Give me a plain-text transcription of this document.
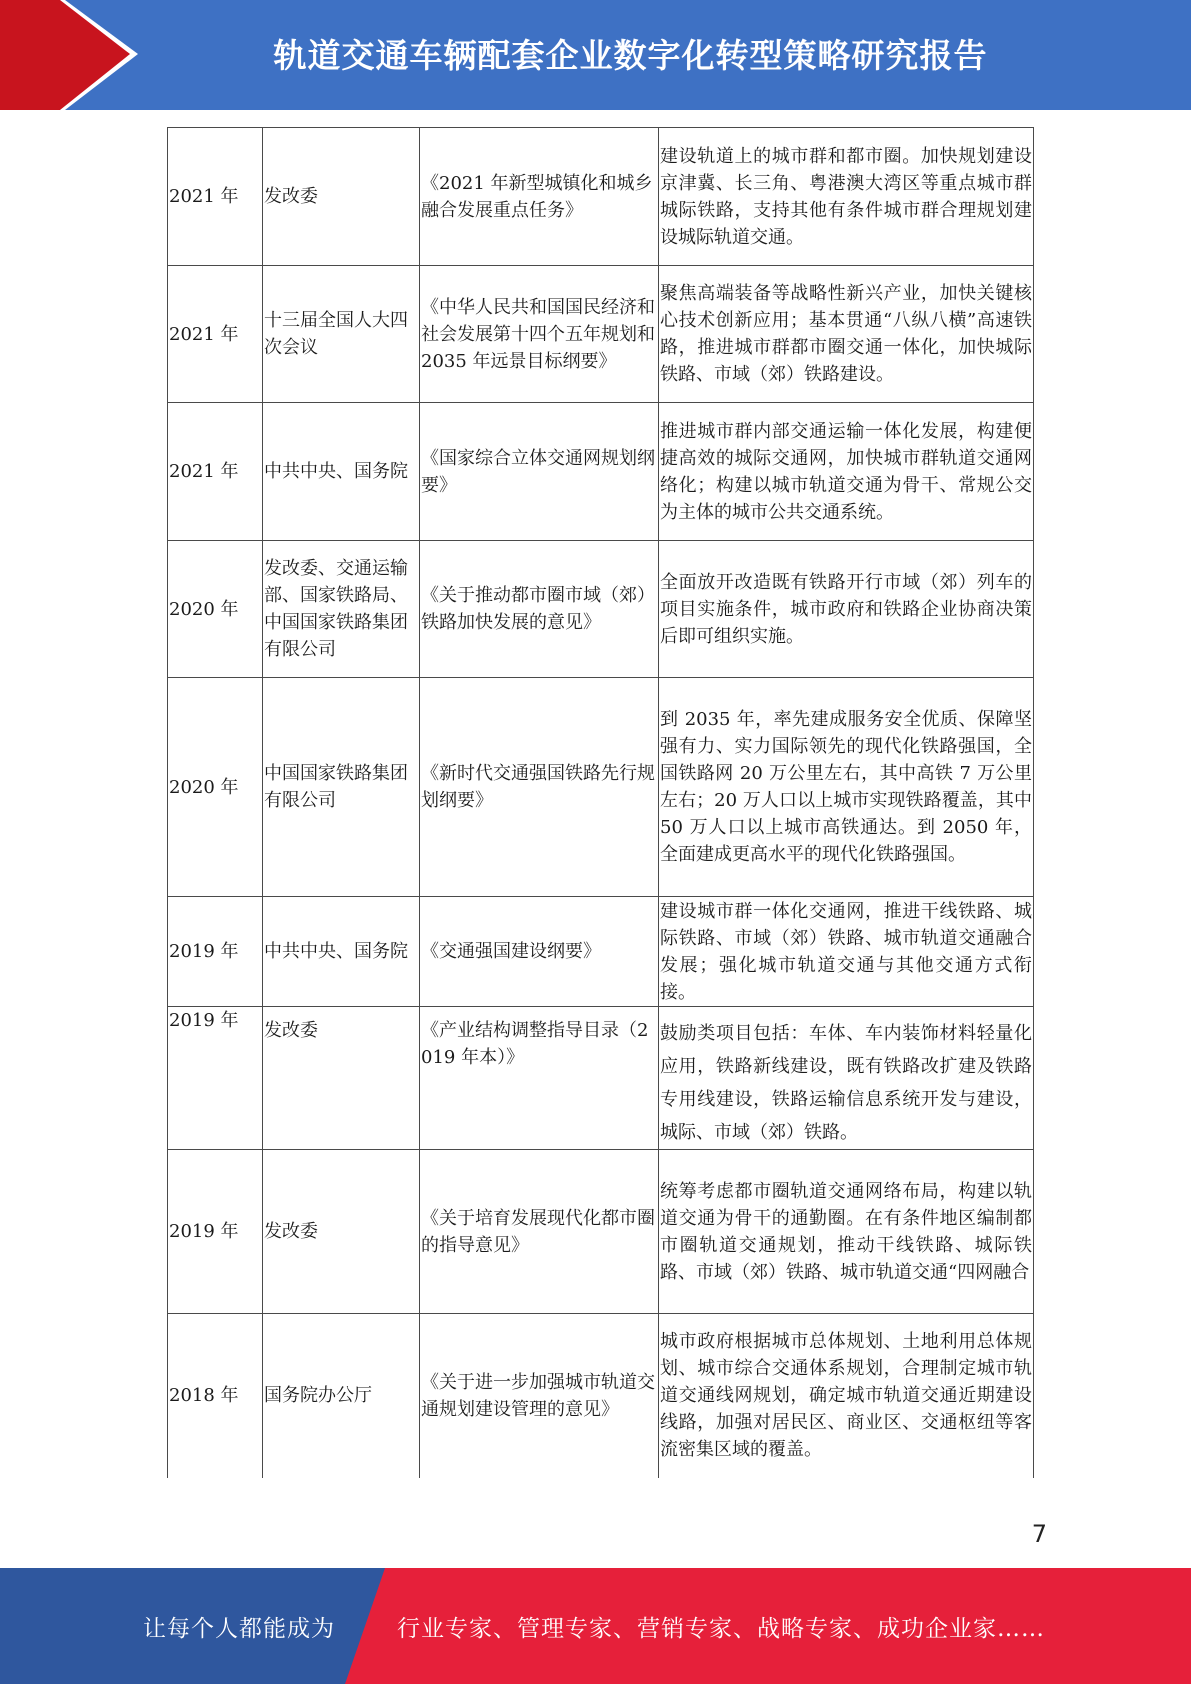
轨道交通车辆配套企业数字化转型策略研究报告
2021 年	发改委	《2021 年新型城镇化和城乡融合发展重点任务》	建设轨道上的城市群和都市圈。加快规划建设京津冀、长三角、粤港澳大湾区等重点城市群城际铁路，支持其他有条件城市群合理规划建设城际轨道交通。
2021 年	十三届全国人大四次会议	《中华人民共和国国民经济和社会发展第十四个五年规划和 2035 年远景目标纲要》	聚焦高端装备等战略性新兴产业，加快关键核心技术创新应用；基本贯通“八纵八横”高速铁路，推进城市群都市圈交通一体化，加快城际铁路、市域（郊）铁路建设。
2021 年	中共中央、国务院	《国家综合立体交通网规划纲要》	推进城市群内部交通运输一体化发展，构建便捷高效的城际交通网，加快城市群轨道交通网络化；构建以城市轨道交通为骨干、常规公交为主体的城市公共交通系统。
2020 年	发改委、交通运输部、国家铁路局、中国国家铁路集团有限公司	《关于推动都市圈市域（郊）铁路加快发展的意见》	全面放开改造既有铁路开行市域（郊）列车的项目实施条件，城市政府和铁路企业协商决策后即可组织实施。
2020 年	中国国家铁路集团有限公司	《新时代交通强国铁路先行规划纲要》	到 2035 年，率先建成服务安全优质、保障坚强有力、实力国际领先的现代化铁路强国，全国铁路网 20 万公里左右，其中高铁 7 万公里左右；20 万人口以上城市实现铁路覆盖，其中 50 万人口以上城市高铁通达。到 2050 年，全面建成更高水平的现代化铁路强国。
2019 年	中共中央、国务院	《交通强国建设纲要》	建设城市群一体化交通网，推进干线铁路、城际铁路、市域（郊）铁路、城市轨道交通融合发展；强化城市轨道交通与其他交通方式衔接。
2019 年	发改委	《产业结构调整指导目录（2019 年本）》	鼓励类项目包括：车体、车内装饰材料轻量化应用，铁路新线建设，既有铁路改扩建及铁路专用线建设，铁路运输信息系统开发与建设，城际、市域（郊）铁路。
2019 年	发改委	《关于培育发展现代化都市圈的指导意见》	统筹考虑都市圈轨道交通网络布局，构建以轨道交通为骨干的通勤圈。在有条件地区编制都市圈轨道交通规划，推动干线铁路、城际铁路、市域（郊）铁路、城市轨道交通“四网融合
2018 年	国务院办公厅	《关于进一步加强城市轨道交通规划建设管理的意见》	城市政府根据城市总体规划、土地利用总体规划、城市综合交通体系规划，合理制定城市轨道交通线网规划，确定城市轨道交通近期建设线路，加强对居民区、商业区、交通枢纽等客流密集区域的覆盖。
7
让每个人都能成为	行业专家、管理专家、营销专家、战略专家、成功企业家……
